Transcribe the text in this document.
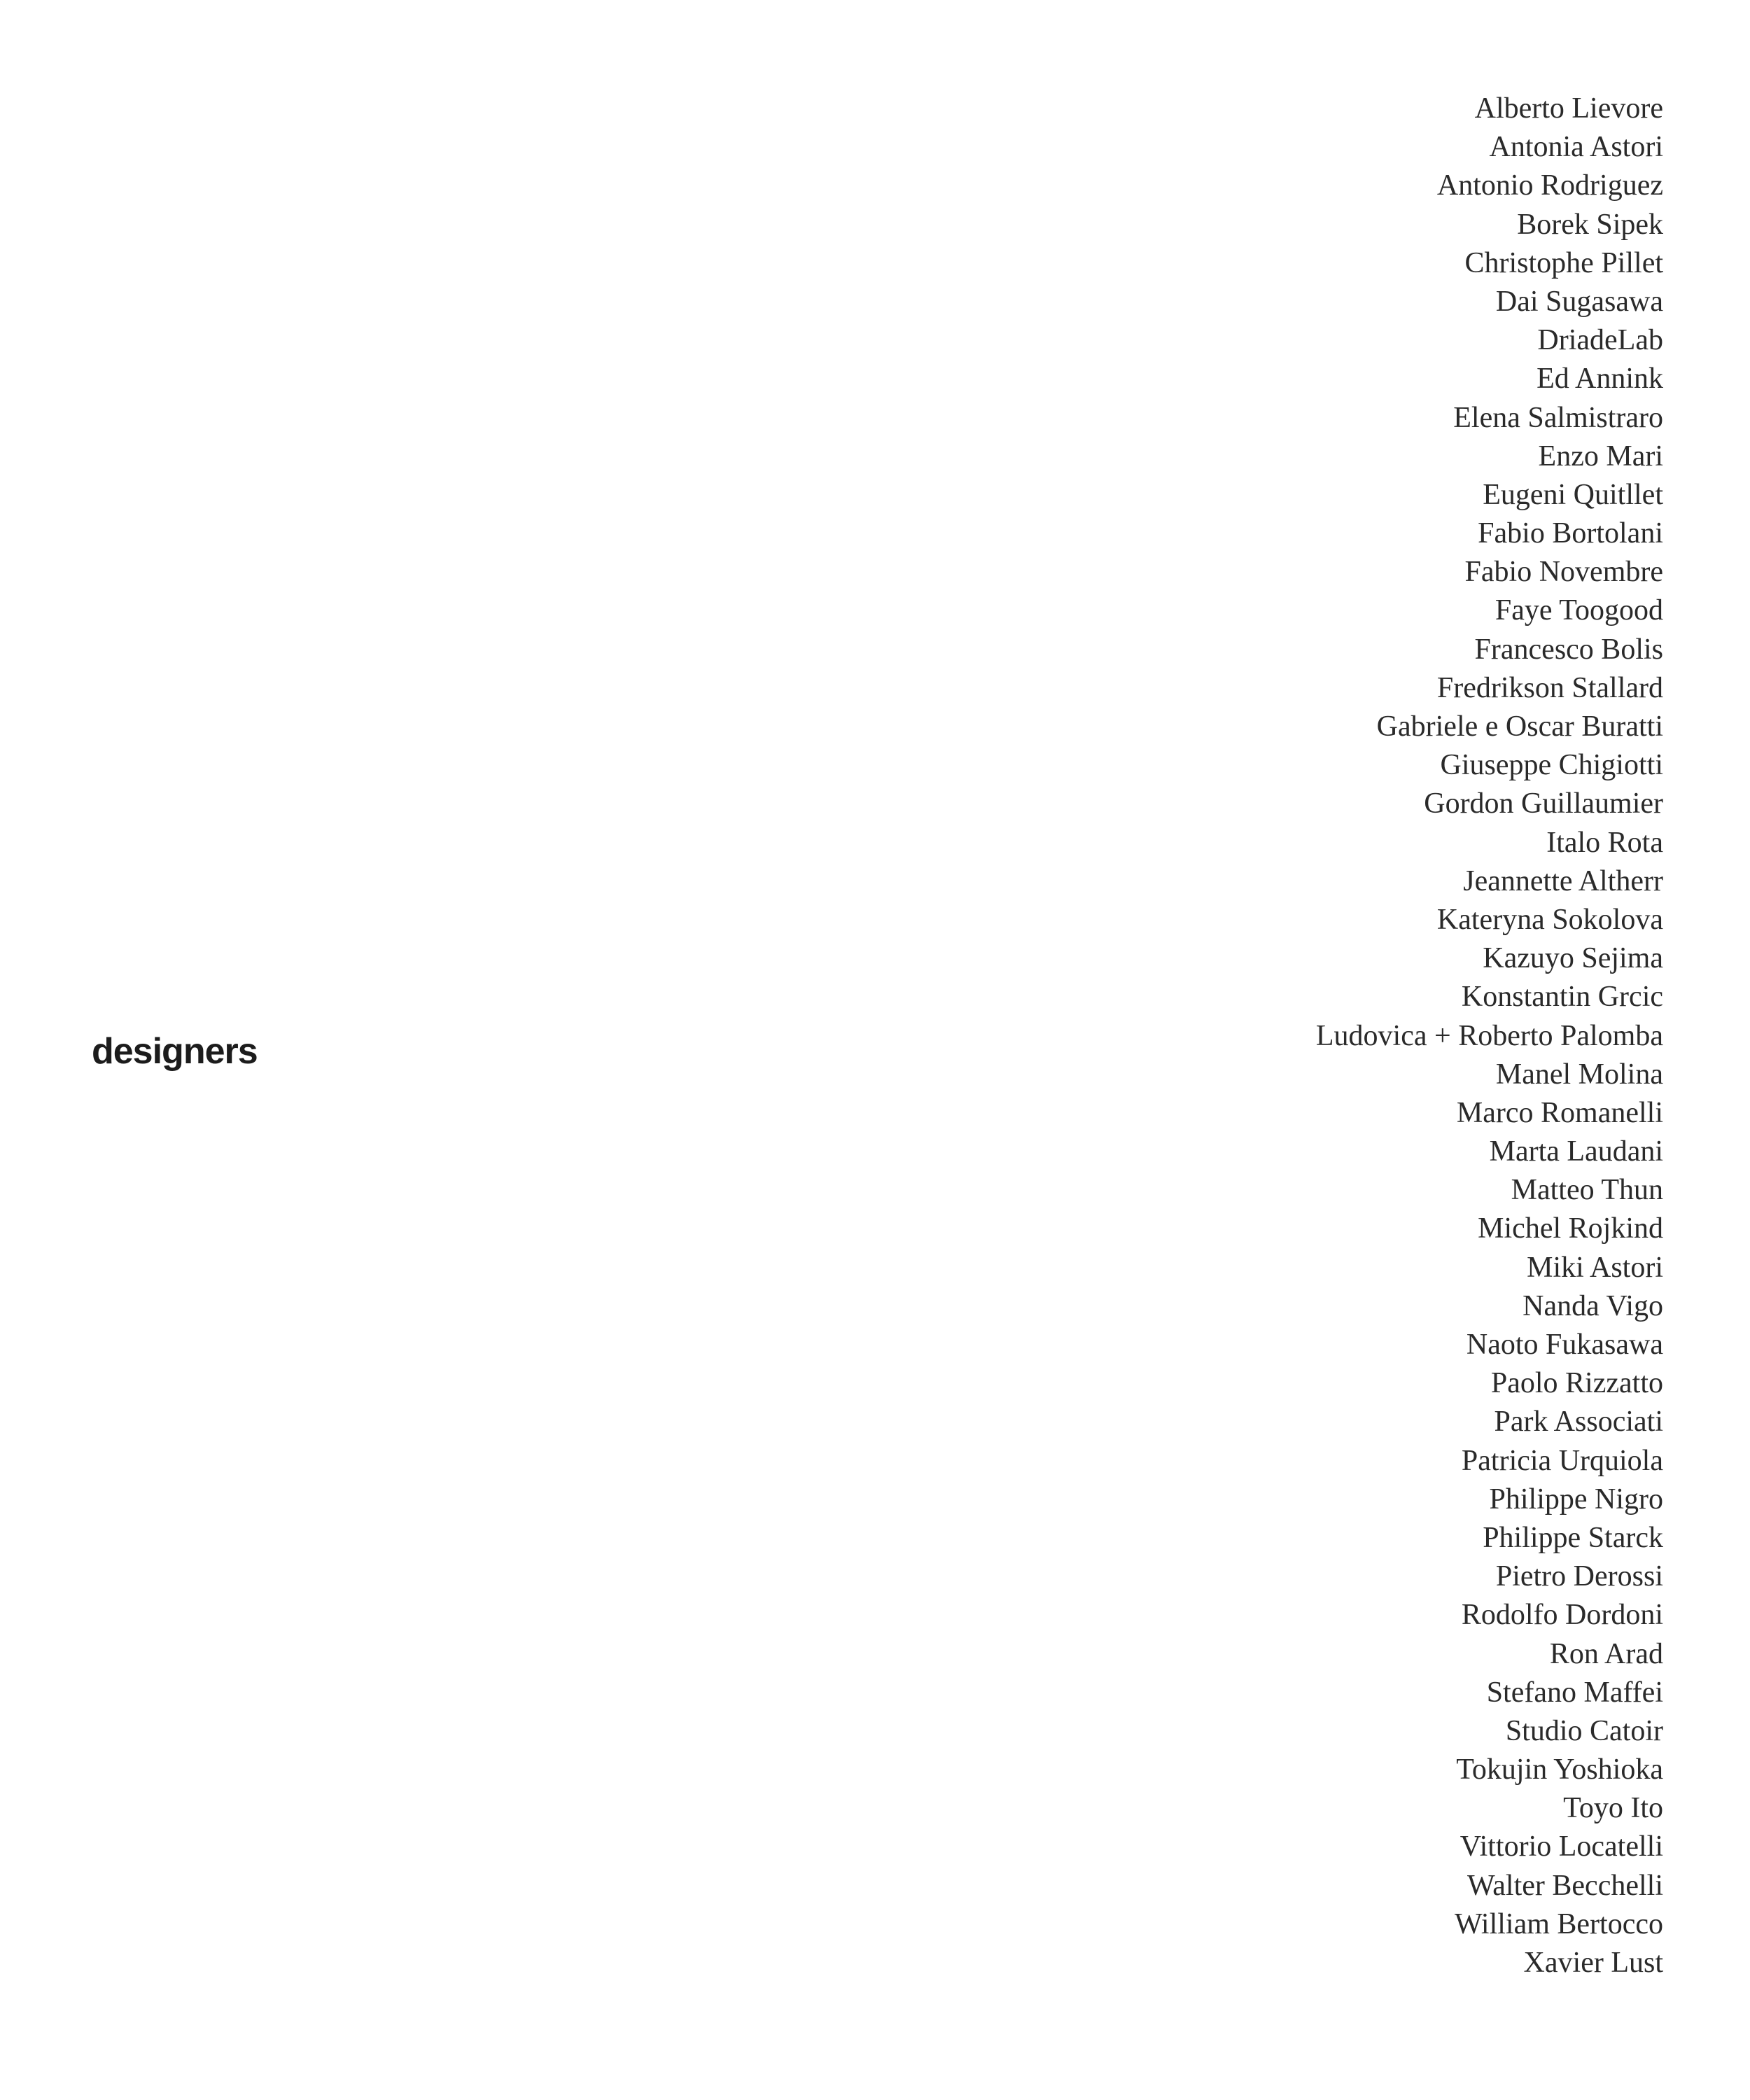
designers
Alberto Lievore
Antonia Astori
Antonio Rodriguez
Borek Sipek
Christophe Pillet
Dai Sugasawa
DriadeLab
Ed Annink
Elena Salmistraro
Enzo Mari
Eugeni Quitllet
Fabio Bortolani
Fabio Novembre
Faye Toogood
Francesco Bolis
Fredrikson Stallard
Gabriele e Oscar Buratti
Giuseppe Chigiotti
Gordon Guillaumier
Italo Rota
Jeannette Altherr
Kateryna Sokolova
Kazuyo Sejima
Konstantin Grcic
Ludovica + Roberto Palomba
Manel Molina
Marco Romanelli
Marta Laudani
Matteo Thun
Michel Rojkind
Miki Astori
Nanda Vigo
Naoto Fukasawa
Paolo Rizzatto
Park Associati
Patricia Urquiola
Philippe Nigro
Philippe Starck
Pietro Derossi
Rodolfo Dordoni
Ron Arad
Stefano Maffei
Studio Catoir
Tokujin Yoshioka
Toyo Ito
Vittorio Locatelli
Walter Becchelli
William Bertocco
Xavier Lust
